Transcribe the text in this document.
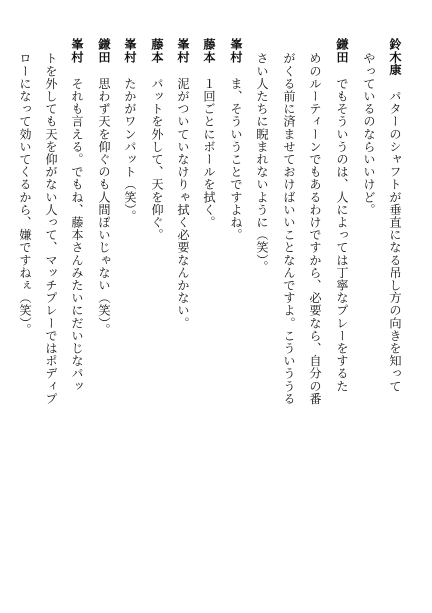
鈴木康パターのシャフトが垂直になる吊し方の向きを知って
やっているのならいいけど。
鎌田でもそういうのは、人によっては丁寧なプレーをするた
めのルーティーンでもあるわけですから、必要なら、自分の番
がくる前に済ませておけばいいことなんですよ。こういううる
さい人たちに睨まれないように（笑）。
峯村ま、そういうことですよね。
藤本１回ごとにボールを拭く。
峯村泥がついていなけりゃ拭く必要なんかない。
藤本パットを外して、天を仰ぐ。
峯村たかがワンパット（笑）。
鎌田思わず天を仰ぐのも人間ぽいじゃない（笑）。
峯村それも言える。でもね、藤本さんみたいにだいじなパッ
トを外しても天を仰がない人って、マッチプレーではポディプ
ローになって効いてくるから、嫌ですねぇ（笑）。
